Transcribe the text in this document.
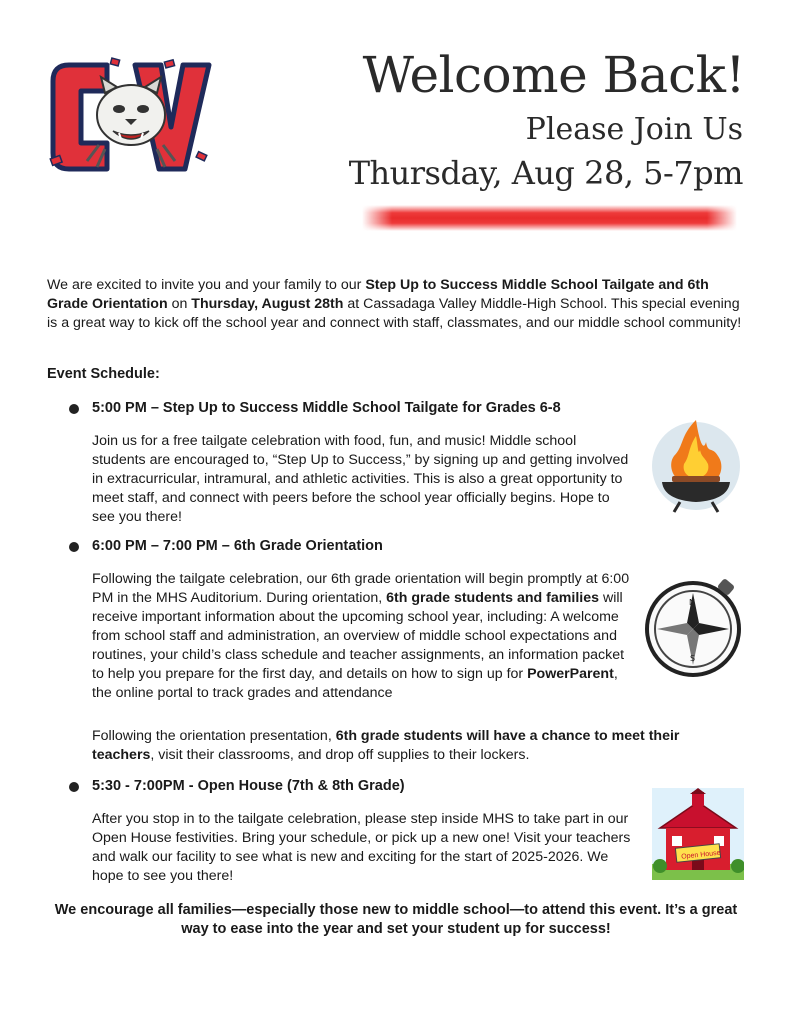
Welcome Back!
Please Join Us
Thursday, Aug 28, 5-7pm

We are excited to invite you and your family to our Step Up to Success Middle School Tailgate and 6th Grade Orientation on Thursday, August 28th at Cassadaga Valley Middle-High School. This special evening is a great way to kick off the school year and connect with staff, classmates, and our middle school community!

Event Schedule:
5:00 PM – Step Up to Success Middle School Tailgate for Grades 6-8

Join us for a free tailgate celebration with food, fun, and music! Middle school students are encouraged to, “Step Up to Success,” by signing up and getting involved in extracurricular, intramural, and athletic activities. This is also a great opportunity to meet staff, and connect with peers before the school year officially begins. Hope to see you there!

6:00 PM – 7:00 PM – 6th Grade Orientation

Following the tailgate celebration, our 6th grade orientation will begin promptly at 6:00 PM in the MHS Auditorium. During orientation, 6th grade students and families will receive important information about the upcoming school year, including: A welcome from school staff and administration, an overview of middle school expectations and routines, your child’s class schedule and teacher assignments, an information packet to help you prepare for the first day, and details on how to sign up for PowerParent, the online portal to track grades and attendance

Following the orientation presentation, 6th grade students will have a chance to meet their teachers, visit their classrooms, and drop off supplies to their lockers.

N
S
5:30 - 7:00PM - Open House (7th & 8th Grade)

After you stop in to the tailgate celebration, please step inside MHS to take part in our Open House festivities. Bring your schedule, or pick up a new one! Visit your teachers and walk our facility to see what is new and exciting for the start of 2025-2026. We hope to see you there!

Open House

We encourage all families—especially those new to middle school—to attend this event. It’s a great way to ease into the year and set your student up for success!
